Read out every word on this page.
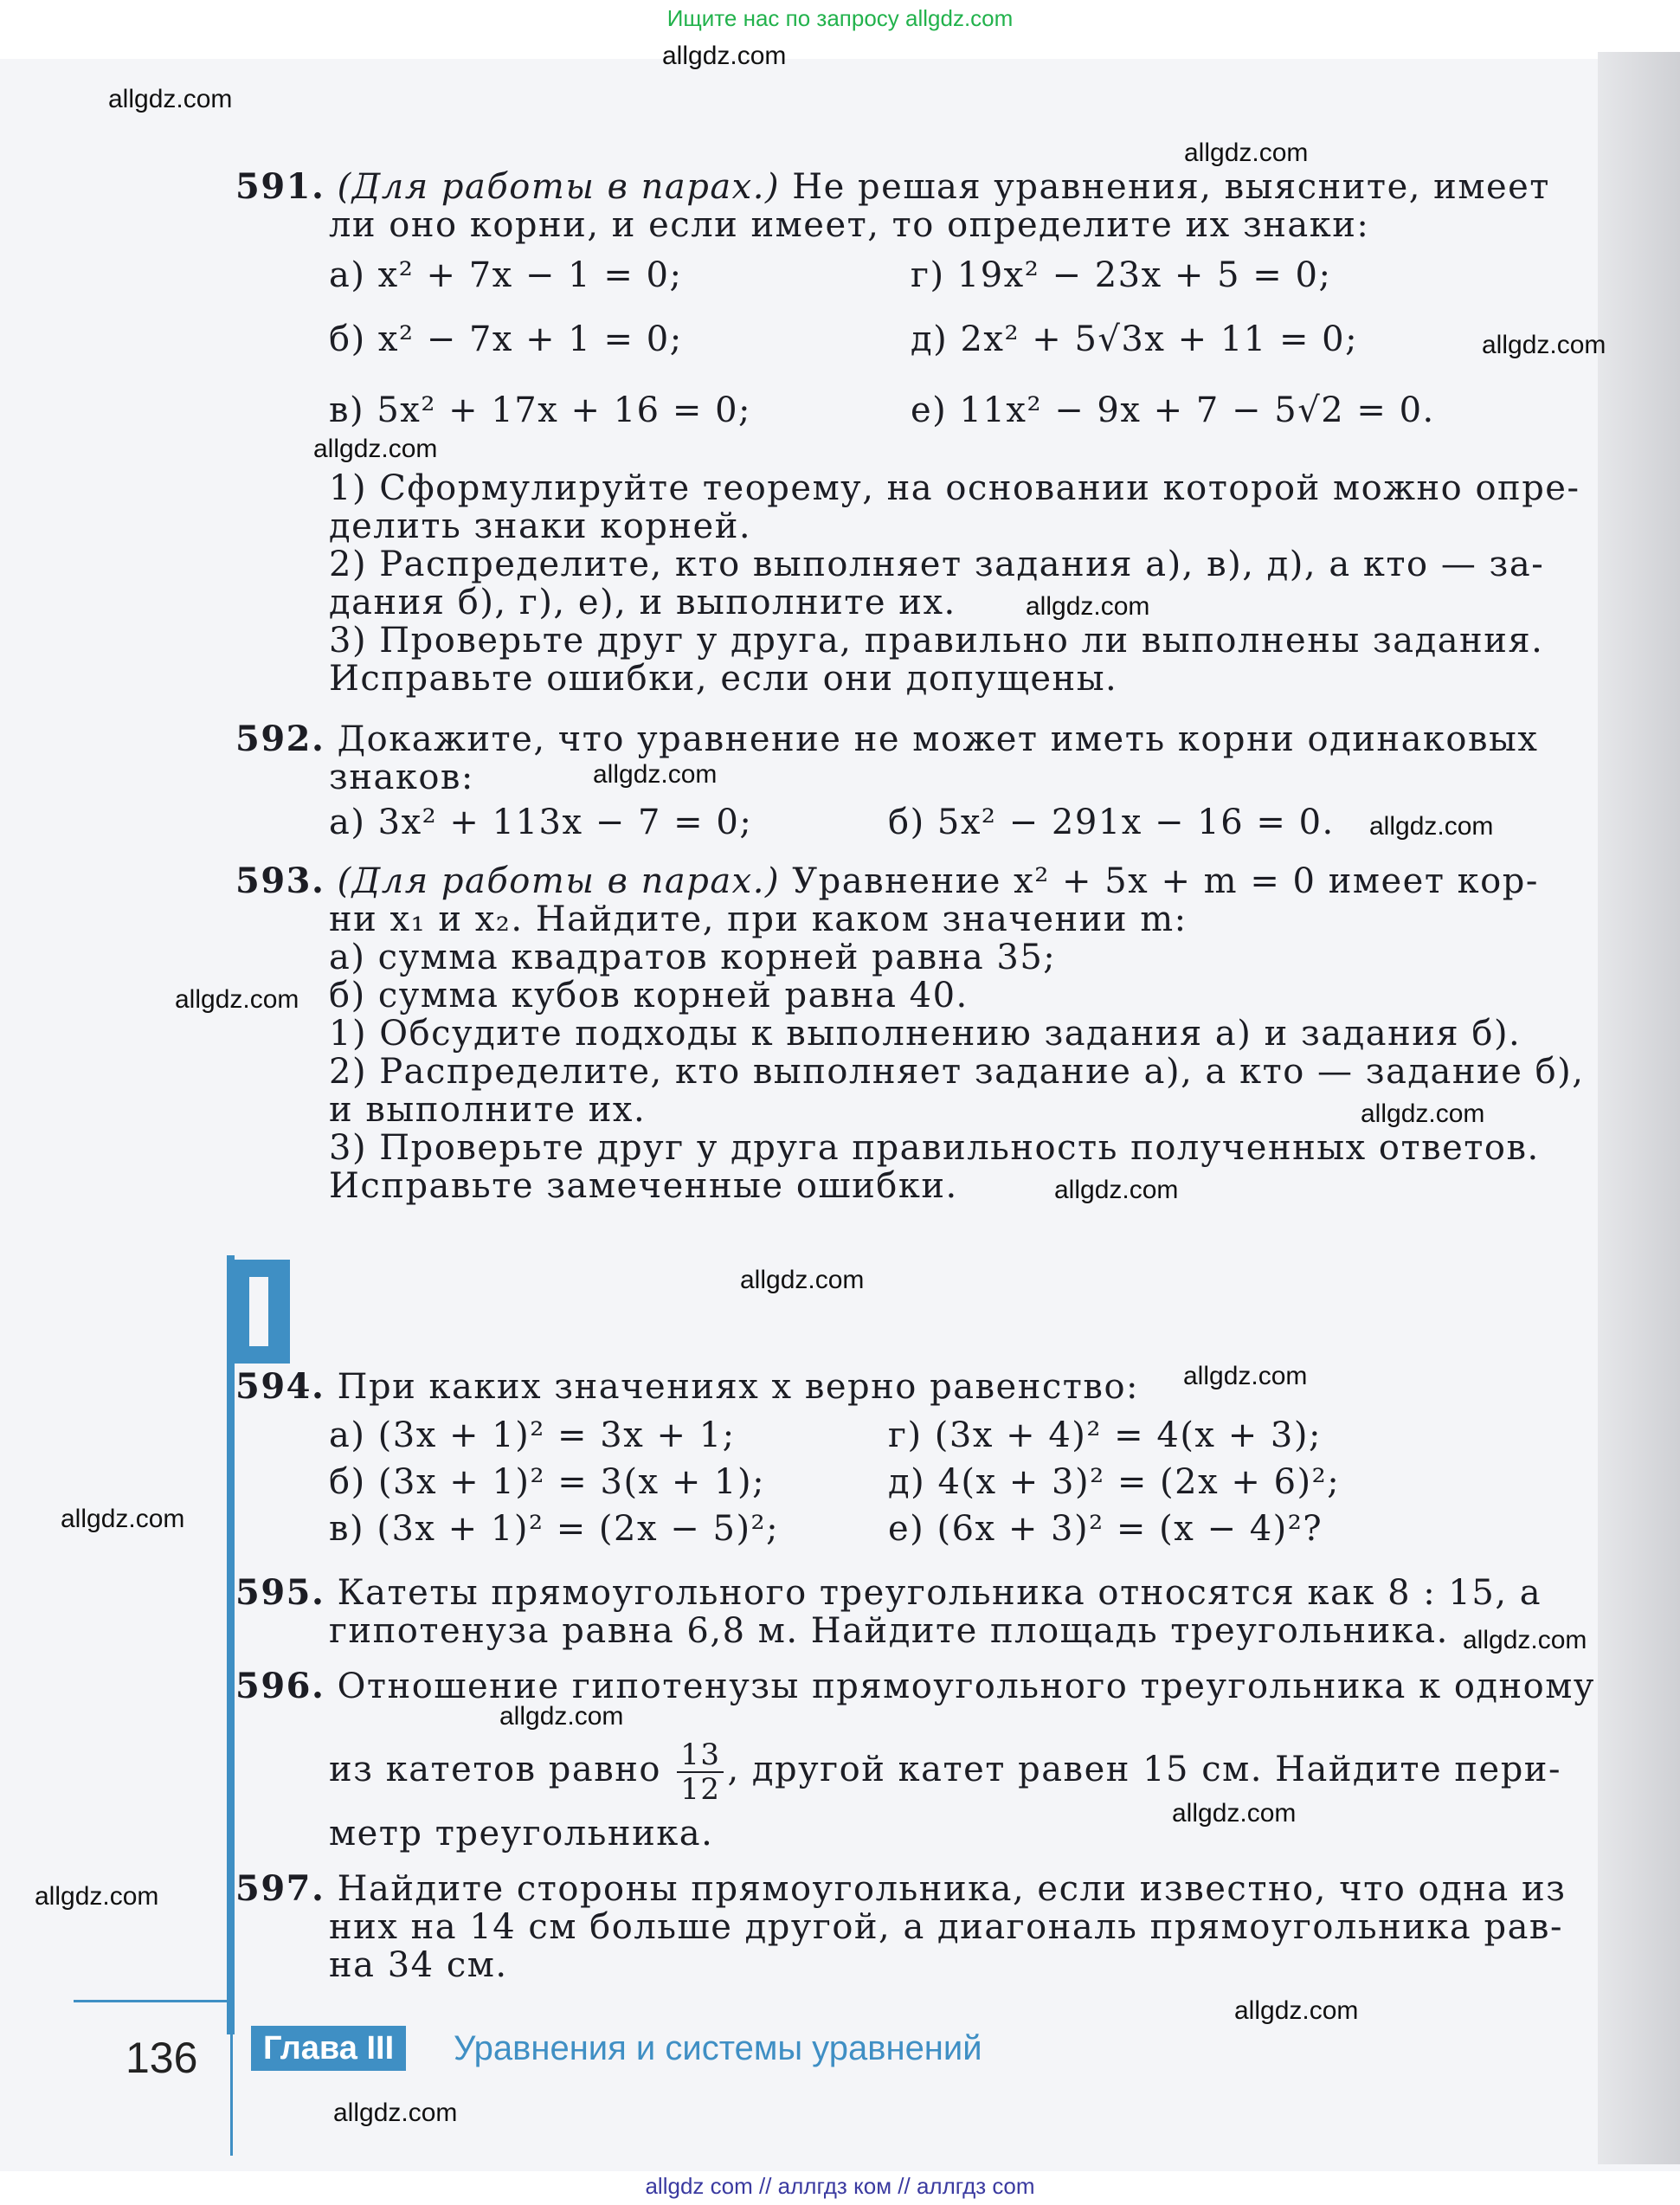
Ищите нас по запросу allgdz.com
allgdz.com
allgdz.com
allgdz.com
allgdz.com
allgdz.com
allgdz.com
allgdz.com
allgdz.com
allgdz.com
allgdz.com
allgdz.com
allgdz.com
allgdz.com
allgdz.com
allgdz.com
allgdz.com
allgdz.com
allgdz.com
allgdz.com
allgdz.com
591. (Для работы в парах.) Не решая уравнения, выясните, имеет
ли оно корни, и если имеет, то определите их знаки:
а) x² + 7x − 1 = 0;	г) 19x² − 23x + 5 = 0;
б) x² − 7x + 1 = 0;	д) 2x² + 5√3x + 11 = 0;
в) 5x² + 17x + 16 = 0;	е) 11x² − 9x + 7 − 5√2 = 0.
1) Сформулируйте теорему, на основании которой можно опре-
делить знаки корней.
2) Распределите, кто выполняет задания а), в), д), а кто — за-
дания б), г), е), и выполните их.
3) Проверьте друг у друга, правильно ли выполнены задания.
Исправьте ошибки, если они допущены.
592. Докажите, что уравнение не может иметь корни одинаковых
знаков:
а) 3x² + 113x − 7 = 0;	б) 5x² − 291x − 16 = 0.
593. (Для работы в парах.) Уравнение x² + 5x + m = 0 имеет кор-
ни x₁ и x₂. Найдите, при каком значении m:
а) сумма квадратов корней равна 35;
б) сумма кубов корней равна 40.
1) Обсудите подходы к выполнению задания а) и задания б).
2) Распределите, кто выполняет задание а), а кто — задание б),
и выполните их.
3) Проверьте друг у друга правильность полученных ответов.
Исправьте замеченные ошибки.
594. При каких значениях x верно равенство:
а) (3x + 1)² = 3x + 1;	г) (3x + 4)² = 4(x + 3);
б) (3x + 1)² = 3(x + 1);	д) 4(x + 3)² = (2x + 6)²;
в) (3x + 1)² = (2x − 5)²;	е) (6x + 3)² = (x − 4)²?
595. Катеты прямоугольного треугольника относятся как 8 : 15, а
гипотенуза равна 6,8 м. Найдите площадь треугольника.
596. Отношение гипотенузы прямоугольного треугольника к одному
из катетов равно $\frac{13}{12}$ , другой катет равен 15 см. Найдите пери-
метр треугольника.
597. Найдите стороны прямоугольника, если известно, что одна из
них на 14 см больше другой, а диагональ прямоугольника рав-
на 34 см.
136	Глава III	Уравнения и системы уравнений
allgdz com // аллгдз ком // аллгдз com
